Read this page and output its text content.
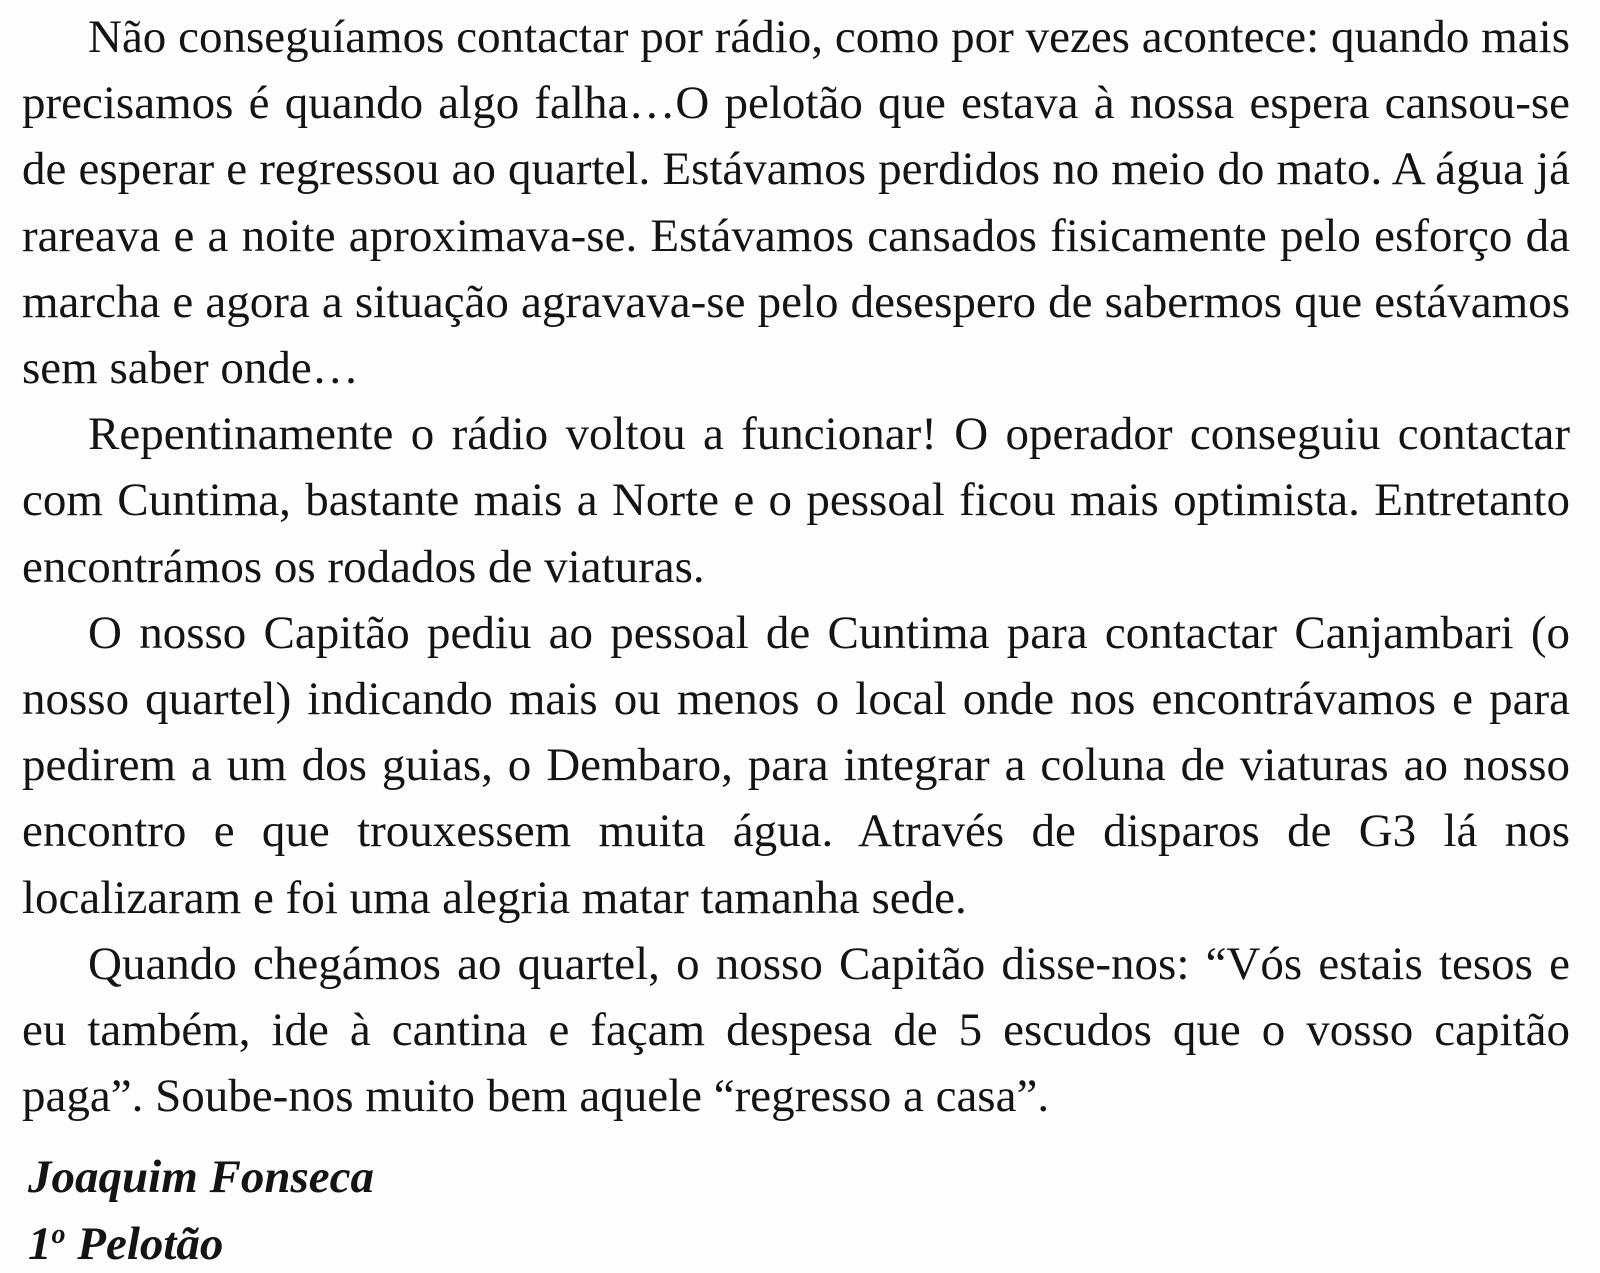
Não conseguíamos contactar por rádio, como por vezes acontece: quando mais precisamos é quando algo falha…O pelotão que estava à nossa espera cansou-se de esperar e regressou ao quartel. Estávamos perdidos no meio do mato. A água já rareava e a noite aproximava-se. Estávamos cansados fisicamente pelo esforço da marcha e agora a situação agravava-se pelo desespero de sabermos que estávamos sem saber onde…

Repentinamente o rádio voltou a funcionar! O operador conseguiu contactar com Cuntima, bastante mais a Norte e o pessoal ficou mais optimista. Entretanto encontrámos os rodados de viaturas.

O nosso Capitão pediu ao pessoal de Cuntima para contactar Canjambari (o nosso quartel) indicando mais ou menos o local onde nos encontrávamos e para pedirem a um dos guias, o Dembaro, para integrar a coluna de viaturas ao nosso encontro e que trouxessem muita água. Através de disparos de G3 lá nos localizaram e foi uma alegria matar tamanha sede.

Quando chegámos ao quartel, o nosso Capitão disse-nos: “Vós estais tesos e eu também, ide à cantina e façam despesa de 5 escudos que o vosso capitão paga”. Soube-nos muito bem aquele “regresso a casa”.

Joaquim Fonseca
1$^o$ Pelotão
